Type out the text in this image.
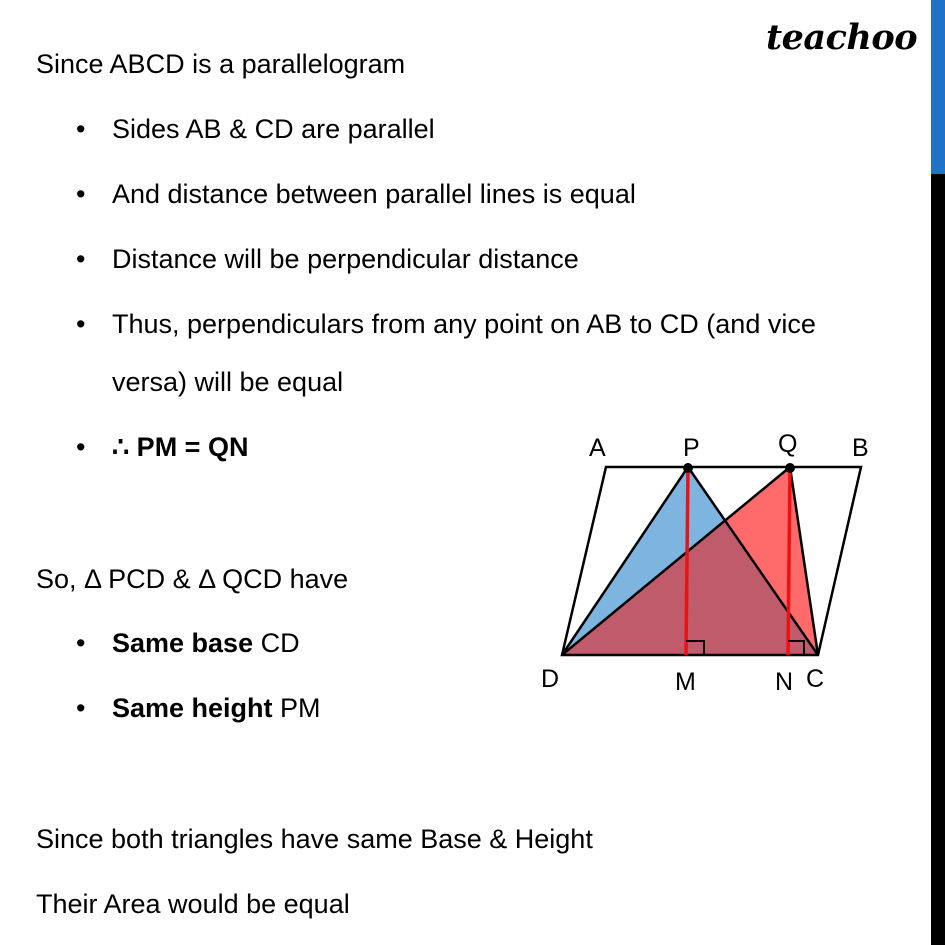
teachoo
Since ABCD is a parallelogram
• Sides AB & CD are parallel
• And distance between parallel lines is equal
• Distance will be perpendicular distance
• Thus, perpendiculars from any point on AB to CD (and vice
versa) will be equal
• ∴ PM = QN
So, Δ PCD & Δ QCD have
• Same base CD
• Same height PM
Since both triangles have same Base & Height
Their Area would be equal
A	P	Q B
D	M	N C
